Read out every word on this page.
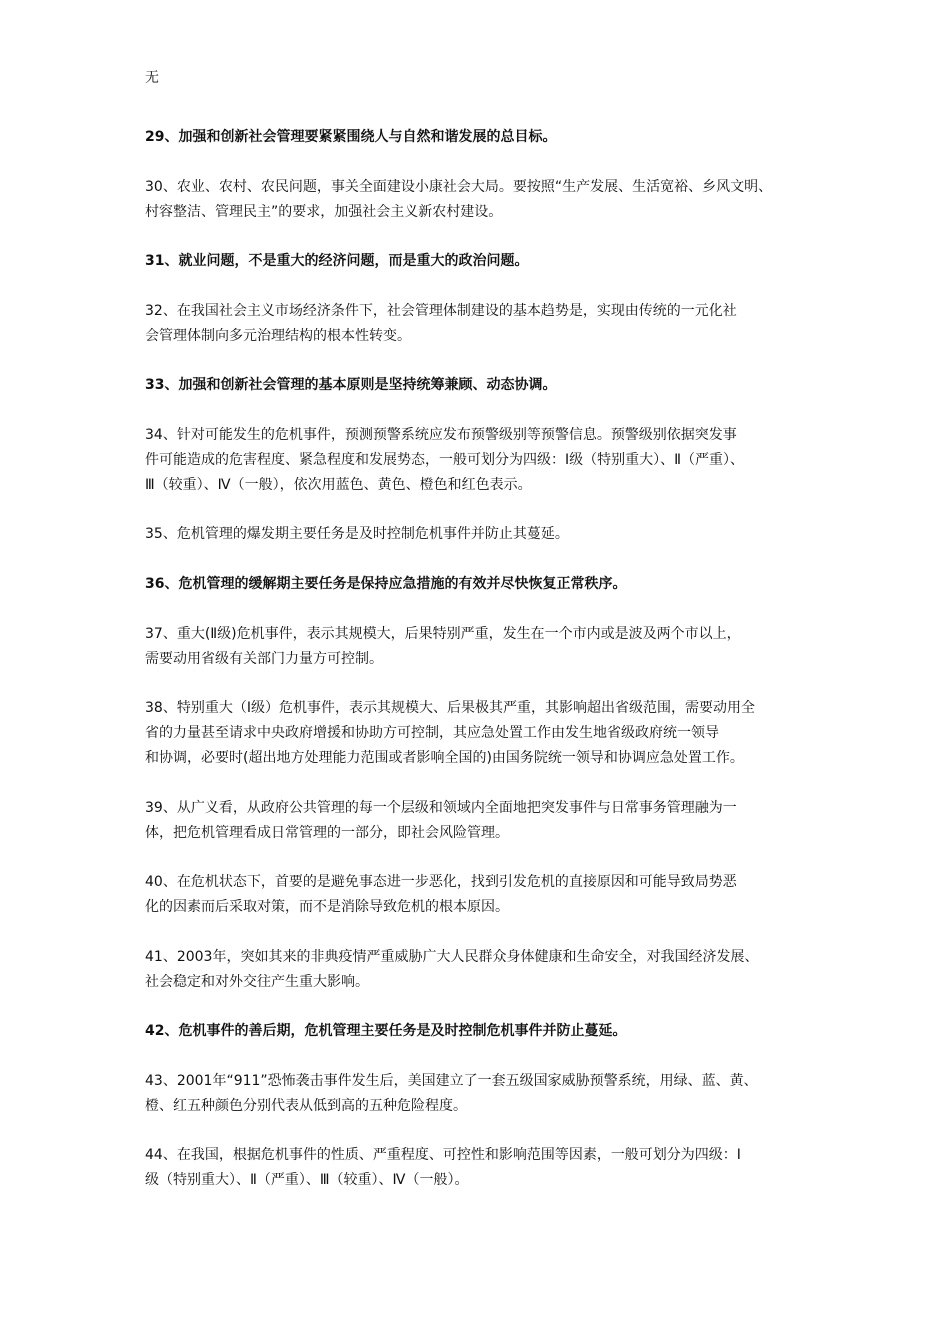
无
29、加强和创新社会管理要紧紧围绕人与自然和谐发展的总目标。
30、农业、农村、农民问题，事关全面建设小康社会大局。要按照“生产发展、生活宽裕、乡风文明、
村容整洁、管理民主”的要求，加强社会主义新农村建设。
31、就业问题，不是重大的经济问题，而是重大的政治问题。
32、在我国社会主义市场经济条件下，社会管理体制建设的基本趋势是，实现由传统的一元化社
会管理体制向多元治理结构的根本性转变。
33、加强和创新社会管理的基本原则是坚持统筹兼顾、动态协调。
34、针对可能发生的危机事件，预测预警系统应发布预警级别等预警信息。预警级别依据突发事
件可能造成的危害程度、紧急程度和发展势态，一般可划分为四级：Ⅰ级（特别重大）、Ⅱ（严重）、
Ⅲ（较重）、Ⅳ（一般），依次用蓝色、黄色、橙色和红色表示。
35、危机管理的爆发期主要任务是及时控制危机事件并防止其蔓延。
36、危机管理的缓解期主要任务是保持应急措施的有效并尽快恢复正常秩序。
37、重大(Ⅱ级)危机事件，表示其规模大，后果特别严重，发生在一个市内或是波及两个市以上，
需要动用省级有关部门力量方可控制。
38、特别重大（Ⅰ级）危机事件，表示其规模大、后果极其严重，其影响超出省级范围，需要动用全
省的力量甚至请求中央政府增援和协助方可控制，其应急处置工作由发生地省级政府统一领导
和协调，必要时(超出地方处理能力范围或者影响全国的)由国务院统一领导和协调应急处置工作。
39、从广义看，从政府公共管理的每一个层级和领域内全面地把突发事件与日常事务管理融为一
体，把危机管理看成日常管理的一部分，即社会风险管理。
40、在危机状态下，首要的是避免事态进一步恶化，找到引发危机的直接原因和可能导致局势恶
化的因素而后采取对策，而不是消除导致危机的根本原因。
41、2003年，突如其来的非典疫情严重威胁广大人民群众身体健康和生命安全，对我国经济发展、
社会稳定和对外交往产生重大影响。
42、危机事件的善后期，危机管理主要任务是及时控制危机事件并防止蔓延。
43、2001年“911”恐怖袭击事件发生后，美国建立了一套五级国家威胁预警系统，用绿、蓝、黄、
橙、红五种颜色分别代表从低到高的五种危险程度。
44、在我国，根据危机事件的性质、严重程度、可控性和影响范围等因素，一般可划分为四级：Ⅰ
级（特别重大）、Ⅱ（严重）、Ⅲ（较重）、Ⅳ（一般）。
